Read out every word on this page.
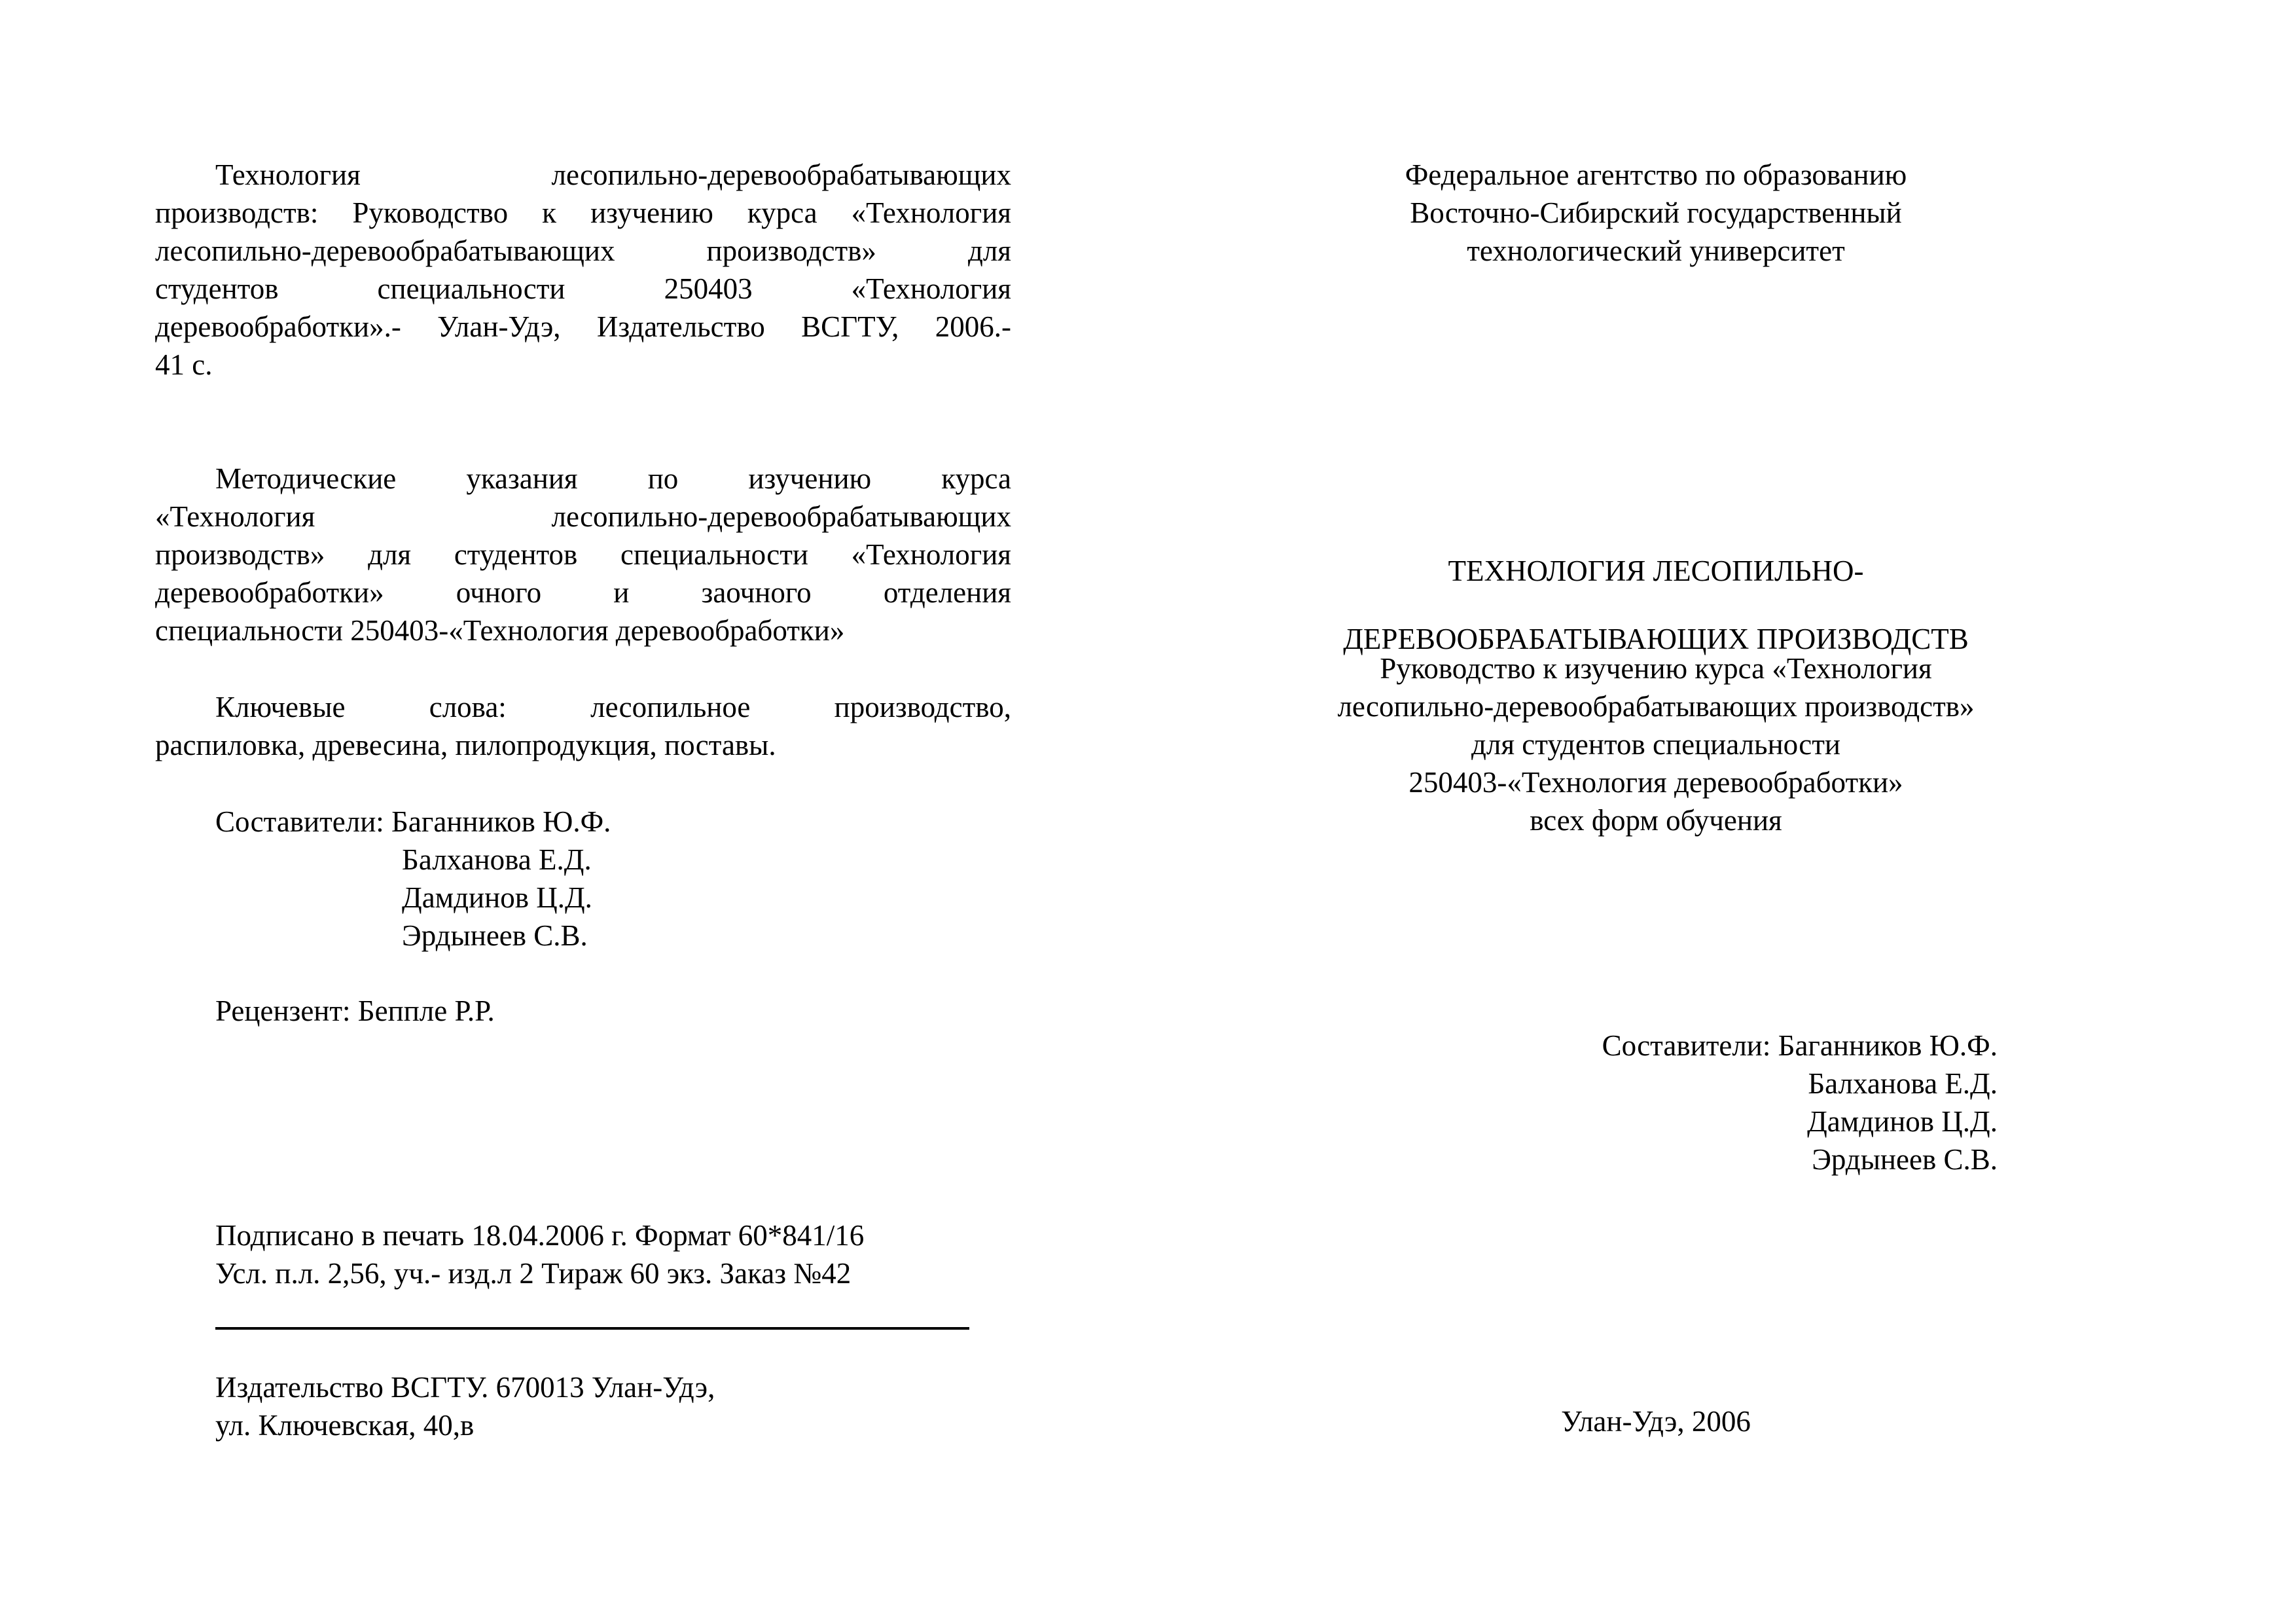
Технология лесопильно-деревообрабатывающих
производств: Руководство к изучению курса «Технология
лесопильно-деревообрабатывающих производств» для
студентов специальности 250403 «Технология
деревообработки».- Улан-Удэ, Издательство ВСГТУ, 2006.-
41 с.
Методические указания по изучению курса
«Технология лесопильно-деревообрабатывающих
производств» для студентов специальности «Технология
деревообработки» очного и заочного отделения
специальности 250403-«Технология деревообработки»
Ключевые слова: лесопильное производство,
распиловка, древесина, пилопродукция, поставы.
Составители: Баганников Ю.Ф.
Балханова Е.Д.
Дамдинов Ц.Д.
Эрдынеев С.В.
Рецензент: Беппле Р.Р.
Подписано в печать 18.04.2006 г. Формат 60*841/16
Усл. п.л. 2,56, уч.- изд.л 2 Тираж 60 экз. Заказ №42
Издательство ВСГТУ. 670013 Улан-Удэ,
ул. Ключевская, 40,в
Федеральное агентство по образованию
Восточно-Сибирский государственный
технологический университет
ТЕХНОЛОГИЯ ЛЕСОПИЛЬНО-
ДЕРЕВООБРАБАТЫВАЮЩИХ ПРОИЗВОДСТВ
Руководство к изучению курса «Технология
лесопильно-деревообрабатывающих производств»
для студентов специальности
250403-«Технология деревообработки»
всех форм обучения
Составители: Баганников Ю.Ф.
Балханова Е.Д.
Дамдинов Ц.Д.
Эрдынеев С.В.
Улан-Удэ, 2006
